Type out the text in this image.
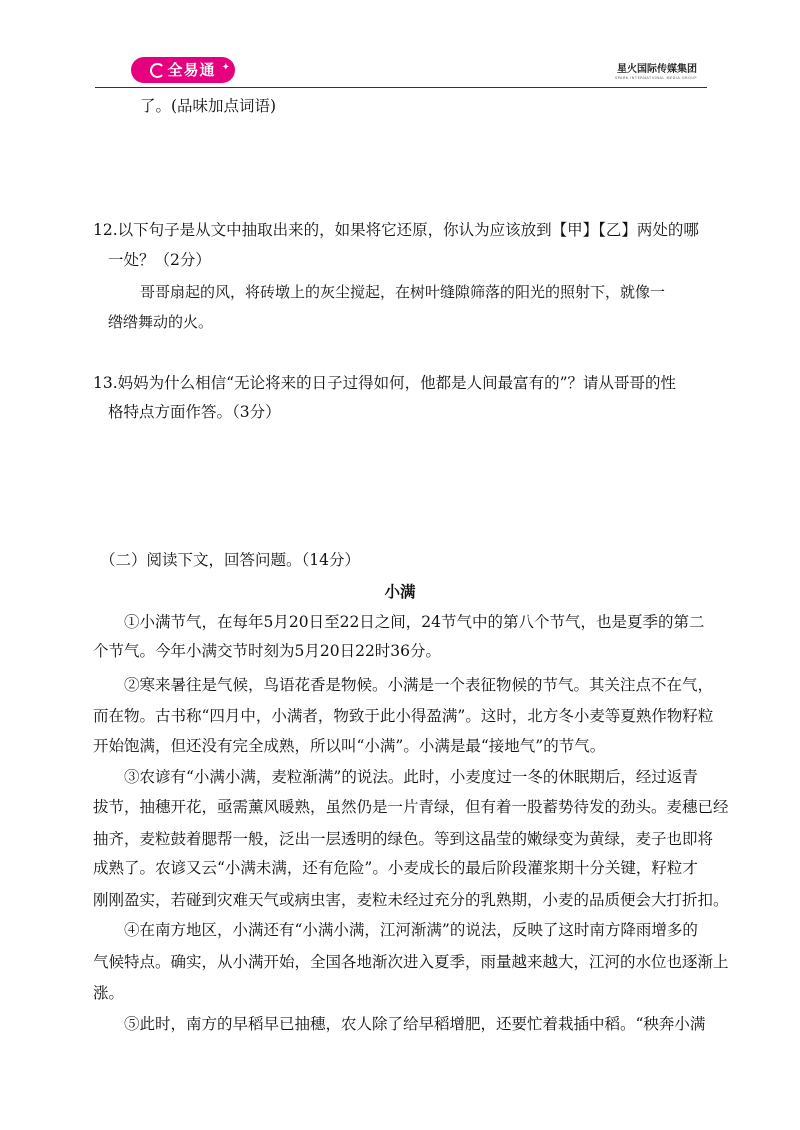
全易通 ✦	星火国际传媒集团
SPARK INTERNATIONAL MEDIA GROUP
了。(品味加点词语)
12.以下句子是从文中抽取出来的，如果将它还原，你认为应该放到【甲】【乙】两处的哪
一处？（2分）
哥哥扇起的风，将砖墩上的灰尘搅起，在树叶缝隙筛落的阳光的照射下，就像一
绺绺舞动的火。
13.妈妈为什么相信“无论将来的日子过得如何，他都是人间最富有的”？请从哥哥的性
格特点方面作答。（3分）
（二）阅读下文，回答问题。（14分）
小满
①小满节气，在每年5月20日至22日之间，24节气中的第八个节气，也是夏季的第二
个节气。今年小满交节时刻为5月20日22时36分。
②寒来暑往是气候，鸟语花香是物候。小满是一个表征物候的节气。其关注点不在气，
而在物。古书称“四月中，小满者，物致于此小得盈满”。这时，北方冬小麦等夏熟作物籽粒
开始饱满，但还没有完全成熟，所以叫“小满”。小满是最“接地气”的节气。
③农谚有“小满小满，麦粒渐满”的说法。此时，小麦度过一冬的休眠期后，经过返青
拔节，抽穗开花，亟需薰风暖熟，虽然仍是一片青绿，但有着一股蓄势待发的劲头。麦穗已经
抽齐，麦粒鼓着腮帮一般，泛出一层透明的绿色。等到这晶莹的嫩绿变为黄绿，麦子也即将
成熟了。农谚又云“小满未满，还有危险”。小麦成长的最后阶段灌浆期十分关键，籽粒才
刚刚盈实，若碰到灾难天气或病虫害，麦粒未经过充分的乳熟期，小麦的品质便会大打折扣。
④在南方地区，小满还有“小满小满，江河渐满”的说法，反映了这时南方降雨增多的
气候特点。确实，从小满开始，全国各地渐次进入夏季，雨量越来越大，江河的水位也逐渐上
涨。
⑤此时，南方的早稻早已抽穗，农人除了给早稻增肥，还要忙着栽插中稻。“秧奔小满
